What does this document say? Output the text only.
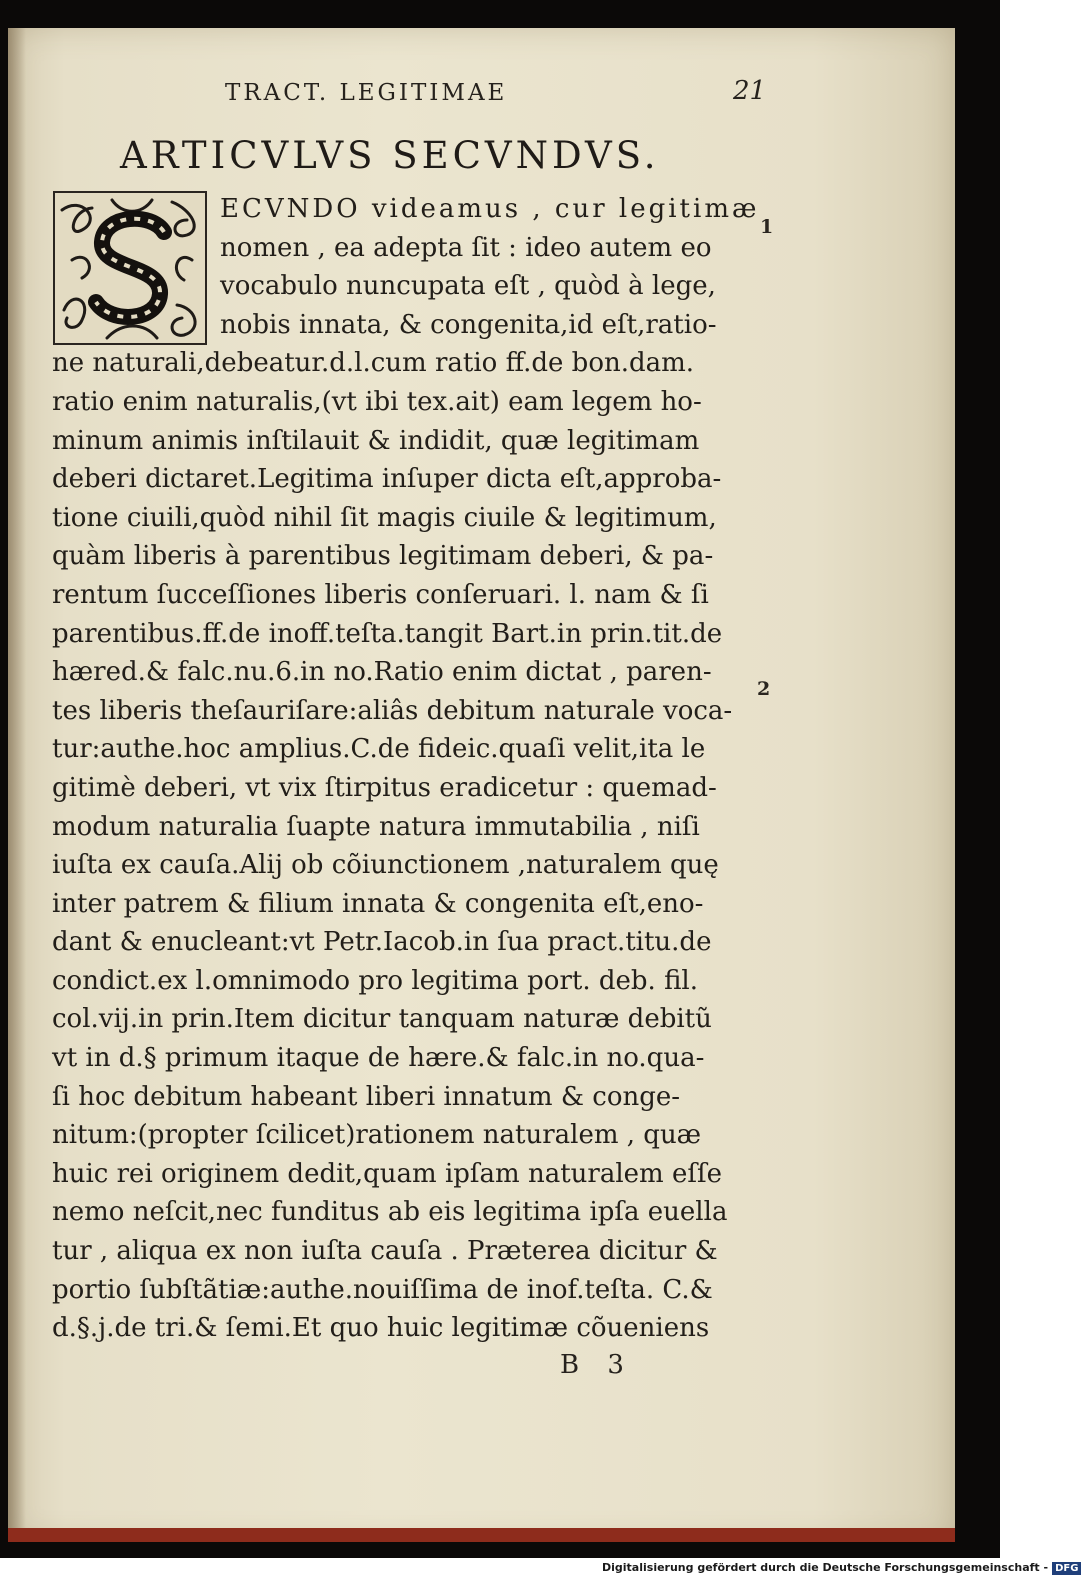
TRACT. LEGITIMAE	21
ARTICVLVS SECVNDVS.
ECVNDO videamus , cur legitimæ
nomen , ea adepta ſit : ideo autem eo
vocabulo nuncupata eſt , quòd à lege,
nobis innata, & congenita,id eſt,ratio-
ne naturali,debeatur.d.l.cum ratio ff.de bon.dam.
ratio enim naturalis,(vt ibi tex.ait) eam legem ho-
minum animis inſtilauit & indidit, quæ legitimam
deberi dictaret.Legitima inſuper dicta eſt,approba-
tione ciuili,quòd nihil ſit magis ciuile & legitimum,
quàm liberis à parentibus legitimam deberi, & pa-
rentum ſucceſſiones liberis conſeruari. l. nam & ſi
parentibus.ff.de inoff.teſta.tangit Bart.in prin.tit.de
hæred.& falc.nu.6.in no.Ratio enim dictat , paren-
tes liberis theſauriſare:aliâs debitum naturale voca-
tur:authe.hoc amplius.C.de fideic.quaſi velit,ita le
gitimè deberi, vt vix ſtirpitus eradicetur : quemad-
modum naturalia ſuapte natura immutabilia , niſi
iuſta ex cauſa.Alij ob cõiunctionem ,naturalem quę
inter patrem & filium innata & congenita eſt,eno-
dant & enucleant:vt Petr.Iacob.in ſua pract.titu.de
condict.ex l.omnimodo pro legitima port. deb. fil.
col.vij.in prin.Item dicitur tanquam naturæ debitũ
vt in d.§ primum itaque de hære.& falc.in no.qua-
ſi hoc debitum habeant liberi innatum & conge-
nitum:(propter ſcilicet)rationem naturalem , quæ
huic rei originem dedit,quam ipſam naturalem eſſe
nemo neſcit,nec funditus ab eis legitima ipſa euella
tur , aliqua ex non iuſta cauſa . Præterea dicitur &
portio ſubſtãtiæ:authe.nouiſſima de inof.teſta. C.&
d.§.j.de tri.& ſemi.Et quo huic legitimæ cõueniens
1
2
B 3
Digitalisierung gefördert durch die Deutsche Forschungsgemeinschaft - DFG
